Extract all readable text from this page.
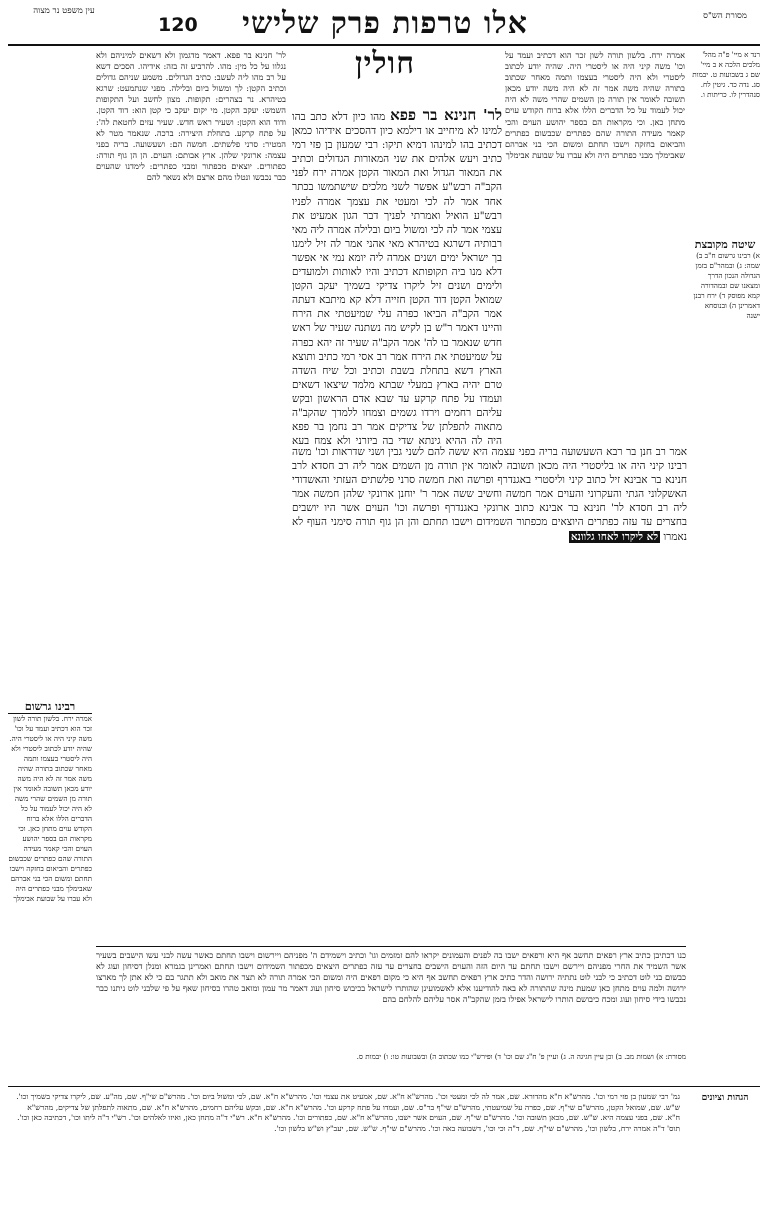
מסורת הש"ס
אלו טרפות פרק שלישי חולין
120
עין משפט נר מצוה
רנד א מיי' פ"ה מהל' מלכים הלכה א ב מיי' שם ג בשבועות ט. יבמות סג. נדה כד. גיטין לח. סנהדרין לו. כריתות ו.
שיטה מקובצת
א) רבינו גרשום ח"ב ב) שמה: ג) ובמהר"ם בזמן הגדולה הנכון הדרך ומצאנו שם ובמהדורה קמא מפוסק ד) ירח רבנן דאמרינן ה) ובנוסחא ישנה

אמרה ירח. בלשון תורה לשון זכר הוא דכתיב ועמד על וכו' משה קיני היה או ליסטרי היה. שהיה יודע לכתוב ליסטרי ולא היה ליסטרי בעצמו ותמה מאחר שכתוב בתורה שהיה משה אמר זה לא היה משה יודע מכאן תשובה לאומר אין תורה מן השמים שהרי משה לא היה יכול לעמוד על כל הדברים הללו אלא ברוח הקודש עוים מתחן כאן. וכי מקראות הם בספר יהושע העוים והכי קאמר מעידה התורה שהם כפתרים שכבשום כפתרים והביאום בחזקה וישבו תחתם ומשום הכי בני אברהם שאבימלך מבני כפתרים היה ולא עברו על שבועת אבימלך

לר' חנינא בר פפא. דאמר מדגמון ולא דשאים למיניהם ולא נגלוו על כל מין: מהו. להרביע זה בזה: אידיהו. הסכים דשא על רב מהו ליה לעשב: כתיב הגדולים. משמע שניהם גדולים וכתיב הקטן: לך ומשול ביום ובלילה. מפני שנתמעט: שרגא בטיהרא. נר בצהרים: תקופות. מצון לחשב ועל התקופות השמש: יעקב הקטן. מי יקום יעקב כי קטן הוא: דוד הקטן. ודוד הוא הקטן: ושעיר ראש חדש. שעיר עזים לחטאת לה': על פתח קרקע. בתחלת היצירה: ברכה. שנאמר מטר לא המטיר: סרני פלשתים. חמשה הם: ושעשועה. בריה בפני עצמה: ארונקי שלהן. ארץ אבותם: העוים. הן הן גוף תורה: כפתורים. יוצאים מכפתור ומבני כפתרים: לימדנו שהעוים כבר נכבשו ונטלו מהם ארצם ולא נשאר להם

רבינו גרשום
אמרה ירח. בלשון תורה לשון זכר הוא דכתיב ועמד על וכו' משה קיני היה או ליסטרי היה. שהיה יודע לכתוב ליסטרי ולא היה ליסטרי בעצמו ותמה מאחר שכתוב בתורה שהיה משה אמר זה לא היה משה יודע מכאן תשובה לאומר אין תורה מן השמים שהרי משה לא היה יכול לעמוד על כל הדברים הללו אלא ברוח הקודש עוים מתחן כאן. וכי מקראות הם בספר יהושע העוים והכי קאמר מעידה התורה שהם כפתרים שכבשום כפתרים והביאום בחזקה וישבו תחתם ומשום הכי בני אברהם שאבימלך מבני כפתרים היה ולא עברו על שבועת אבימלך

לר' חנינא בר פפא מהו כיון דלא כתב בהו למינו לא מיחייב או דילמא כיון דהסכים אידיהו כמאן דכתיב בהו למינהו דמיא תיקו: רבי שמעון בן פזי רמי כתיב ויעש אלהים את שני המאורות הגדולים וכתיב את המאור הגדול ואת המאור הקטן אמרה ירח לפני הקב"ה רבש"ע אפשר לשני מלכים שישתמשו בכתר אחד אמר לה לכי ומעטי את עצמך אמרה לפניו רבש"ע הואיל ואמרתי לפניך דבר הגון אמעיט את עצמי אמר לה לכי ומשול ביום ובלילה אמרה ליה מאי רבותיה דשרגא בטיהרא מאי אהני אמר לה זיל לימנו בך ישראל ימים ושנים אמרה ליה יומא נמי אי אפשר דלא מנו ביה תקופותא דכתיב והיו לאותות ולמועדים ולימים ושנים זיל ליקרו צדיקי בשמיך יעקב הקטן שמואל הקטן דוד הקטן חזייה דלא קא מיתבא דעתה אמר הקב"ה הביאו כפרה עלי שמיעטתי את הירח והיינו דאמר ר"ש בן לקיש מה נשתנה שעיר של ראש חדש שנאמר בו לה' אמר הקב"ה שעיר זה יהא כפרה על שמיעטתי את הירח אמר רב אסי רמי כתיב ותוצא הארץ דשא בתחלת בשבת וכתיב וכל שיח השדה טרם יהיה בארץ במעלי שבתא מלמד שיצאו דשאים ועמדו על פתח קרקע עד שבא אדם הראשון ובקש עליהם רחמים וירדו גשמים וצמחו ללמדך שהקב"ה מתאוה לתפלתן של צדיקים אמר רב נחמן בר פפא היה לה ההיא גינתא שדי בה ביזרני ולא צמח בעא

אמר רב חנן בר רבא השעשועה בריה בפני עצמה היא ששה להם לשני גבין ושני שדראות וכו' משה רבינו קיני היה או בליסטרי היה מכאן תשובה לאומר אין תורה מן השמים אמר ליה רב חסדא לרב חנינא בר אבינא זיל כתוב קיני וליסטרי באגנדרף ופרשה ואת חמשה סרני פלשתים העזתי והאשדודי האשקלוני הגתי והעקרוני והעוים אמר חמשה וחשיב ששה אמר ר' יוחנן ארונקי שלהן חמשה אמר ליה רב חסדא לר' חנינא בר אבינא כתוב ארונקי באגנדרף ופרשה וכו' העוים אשר היו יושבים בחצרים עד עזה כפתרים היוצאים מכפתור השמידום וישבו תחתם והן הן גוף תורה סימני העוף לא נאמרו לא ליקרו לאחו גלוונא

כנו דכתיבן כתיב ארץ רפאים תחשב אף היא ורפאים ישבו בה לפנים והעמונים יקראו להם זמזמים וגו' וכתיב וישמידם ה' מפניהם ויירשום וישבו תחתם כאשר עשה לבני עשו הישבים בשעיר אשר השמיד את החרי מפניהם ויירשם וישבו תחתם עד היום הזה והעוים הישבים בחצרים עד עזה כפתרים היצאים מכפתור השמידום וישבו תחתם ואמרינן בגמרא ומנלן דסיחון ועוג לא כבשום בני לוט דכתיב כי לבני לוט נתתיה ירושה והדר כתיב ארץ רפאים תחשב אף היא כי מקום רפאים היה ומשום הכי אמרה תורה לא תצר את מואב ולא תתגר בם כי לא אתן לך מארצו ירושה ולמה עוים מתחן כאן שמעת מינה שהתורה לא באה להודיענו אלא לאשמועינן שהותרו לישראל בכיבוש סיחון ועוג דאמר מר עמון ומואב טהרו בסיחון שאף על פי שלבני לוט ניתנו כבר נכבשו בידי סיחון ועוג ומכח כיבושם הותרו לישראל אפילו בזמן שהקב"ה אסר עליהם להלחם בהם

מסורת: א) ושמות מב. ב) וכן עיין חגיגה ה. ג) ועיין פ' ח"ג שם וכו' ד) ופירש"י כמו שכתוב ה) ובשבועות טו: ו) יבמות ס.
הגהות וציונים
גמ' רבי שמעון בן פזי רמי וכו'. מהרש"א ח"א מהדורא. שם, אמר לה לכי ומעטי וכו'. מהרש"א ח"א. שם, אמעיט את עצמי וכו'. מהרש"א ח"א. שם, לכי ומשול ביום וכו'. מהרש"ם שי"ף. שם, מה"ע. שם, ליקרו צדיקי בשמיך וכו'. ש"ש. שם, שמואל הקטן, מהרש"ם שי"ף. שם, כפרה על שמיעטתי, מהרש"ם שי"ף בר"ס. שם, ועמדו על פתח קרקע וכו'. מהרש"א ח"א. שם, ובקש עליהם רחמים, מהרש"א ח"א. שם, מתאוה לתפלתן של צדיקים, מהרש"א ח"א. שם, בפני עצמה היא. ש"ש. שם, מכאן תשובה וכו'. מהרש"ם שי"ף. שם, העוים אשר ישבו, מהרש"א ח"א. שם, כפתורים וכו'. מהרש"א ח"א. רש"י ד"ה מתחן כאן, ואיזו לאלהים וכו'. רש"י ד"ה ליתו וכו', דכתיבה כאן וכו'. תוס' ד"ה אמרה ירח, בלשון וכו', מהרש"ם שי"ף. שם, ד"ה וכי וכו', דשבועה באה וכו'. מהרש"ם שי"ף. ש"ש. שם, יעב"ץ וש"ש בלשון וכו'.
